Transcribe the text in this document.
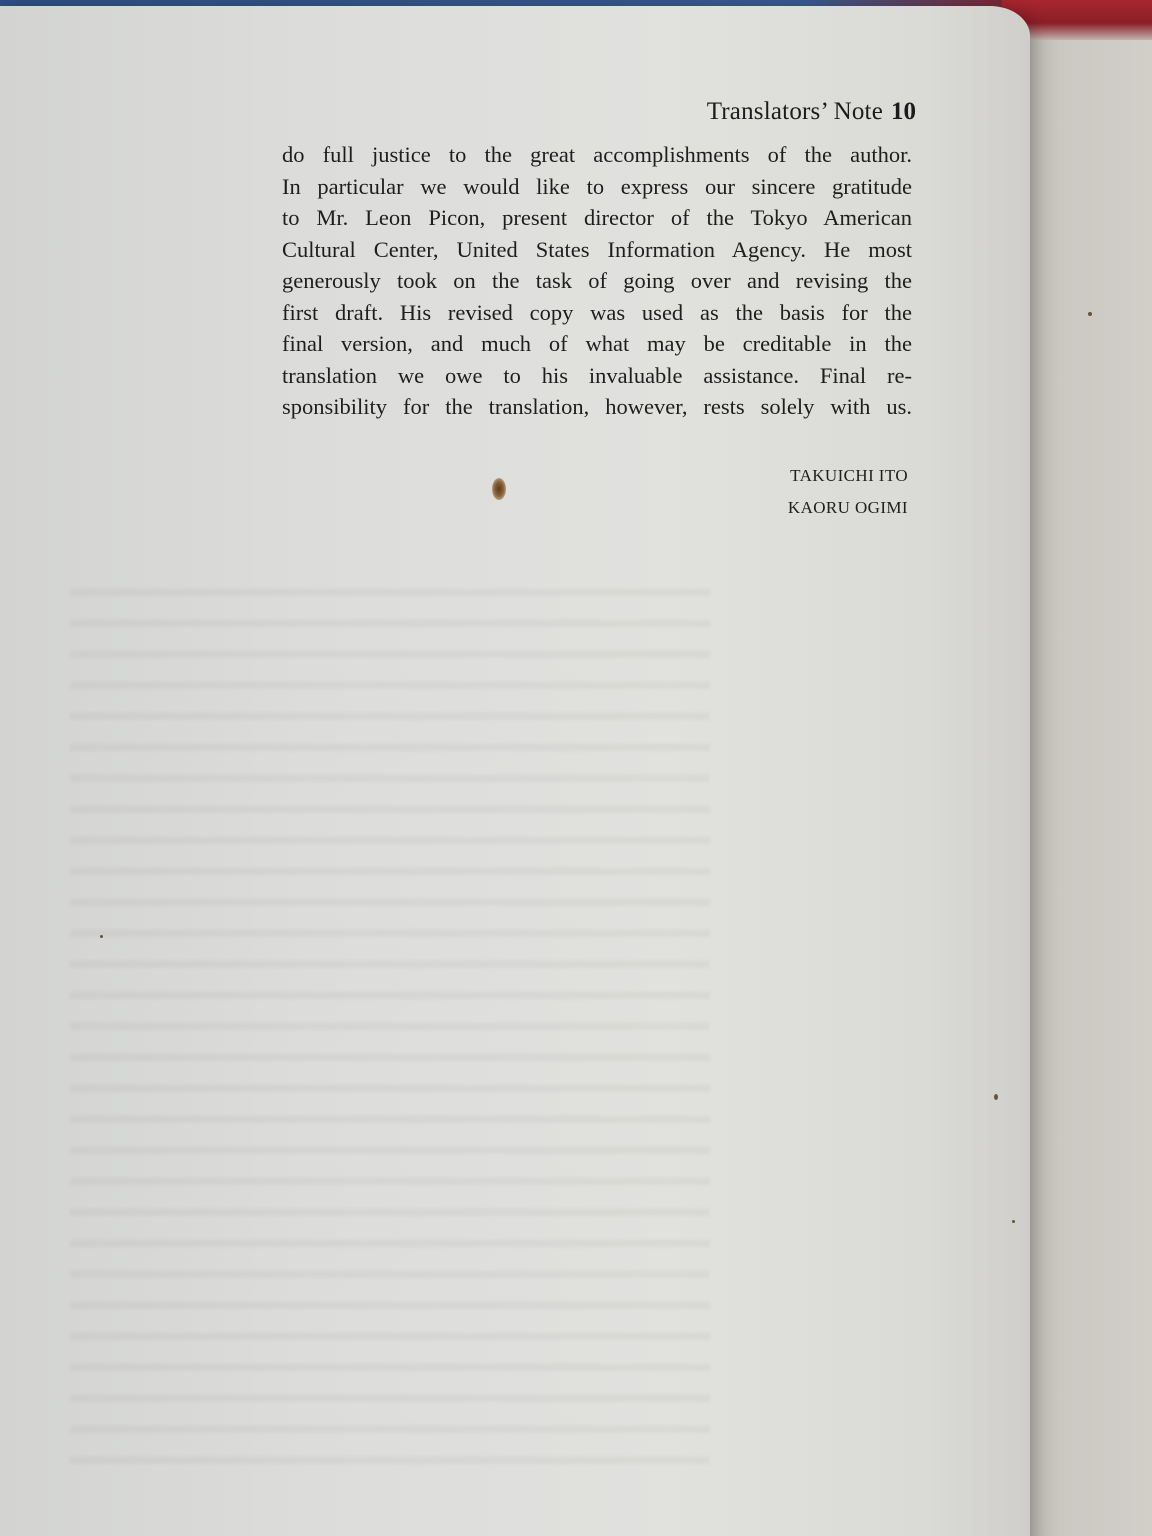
Translators’ Note 10
do full justice to the great accomplishments of the author.
In particular we would like to express our sincere gratitude
to Mr. Leon Picon, present director of the Tokyo American
Cultural Center, United States Information Agency. He most
generously took on the task of going over and revising the
first draft. His revised copy was used as the basis for the
final version, and much of what may be creditable in the
translation we owe to his invaluable assistance. Final re-
sponsibility for the translation, however, rests solely with us.
TAKUICHI ITO
KAORU OGIMI
